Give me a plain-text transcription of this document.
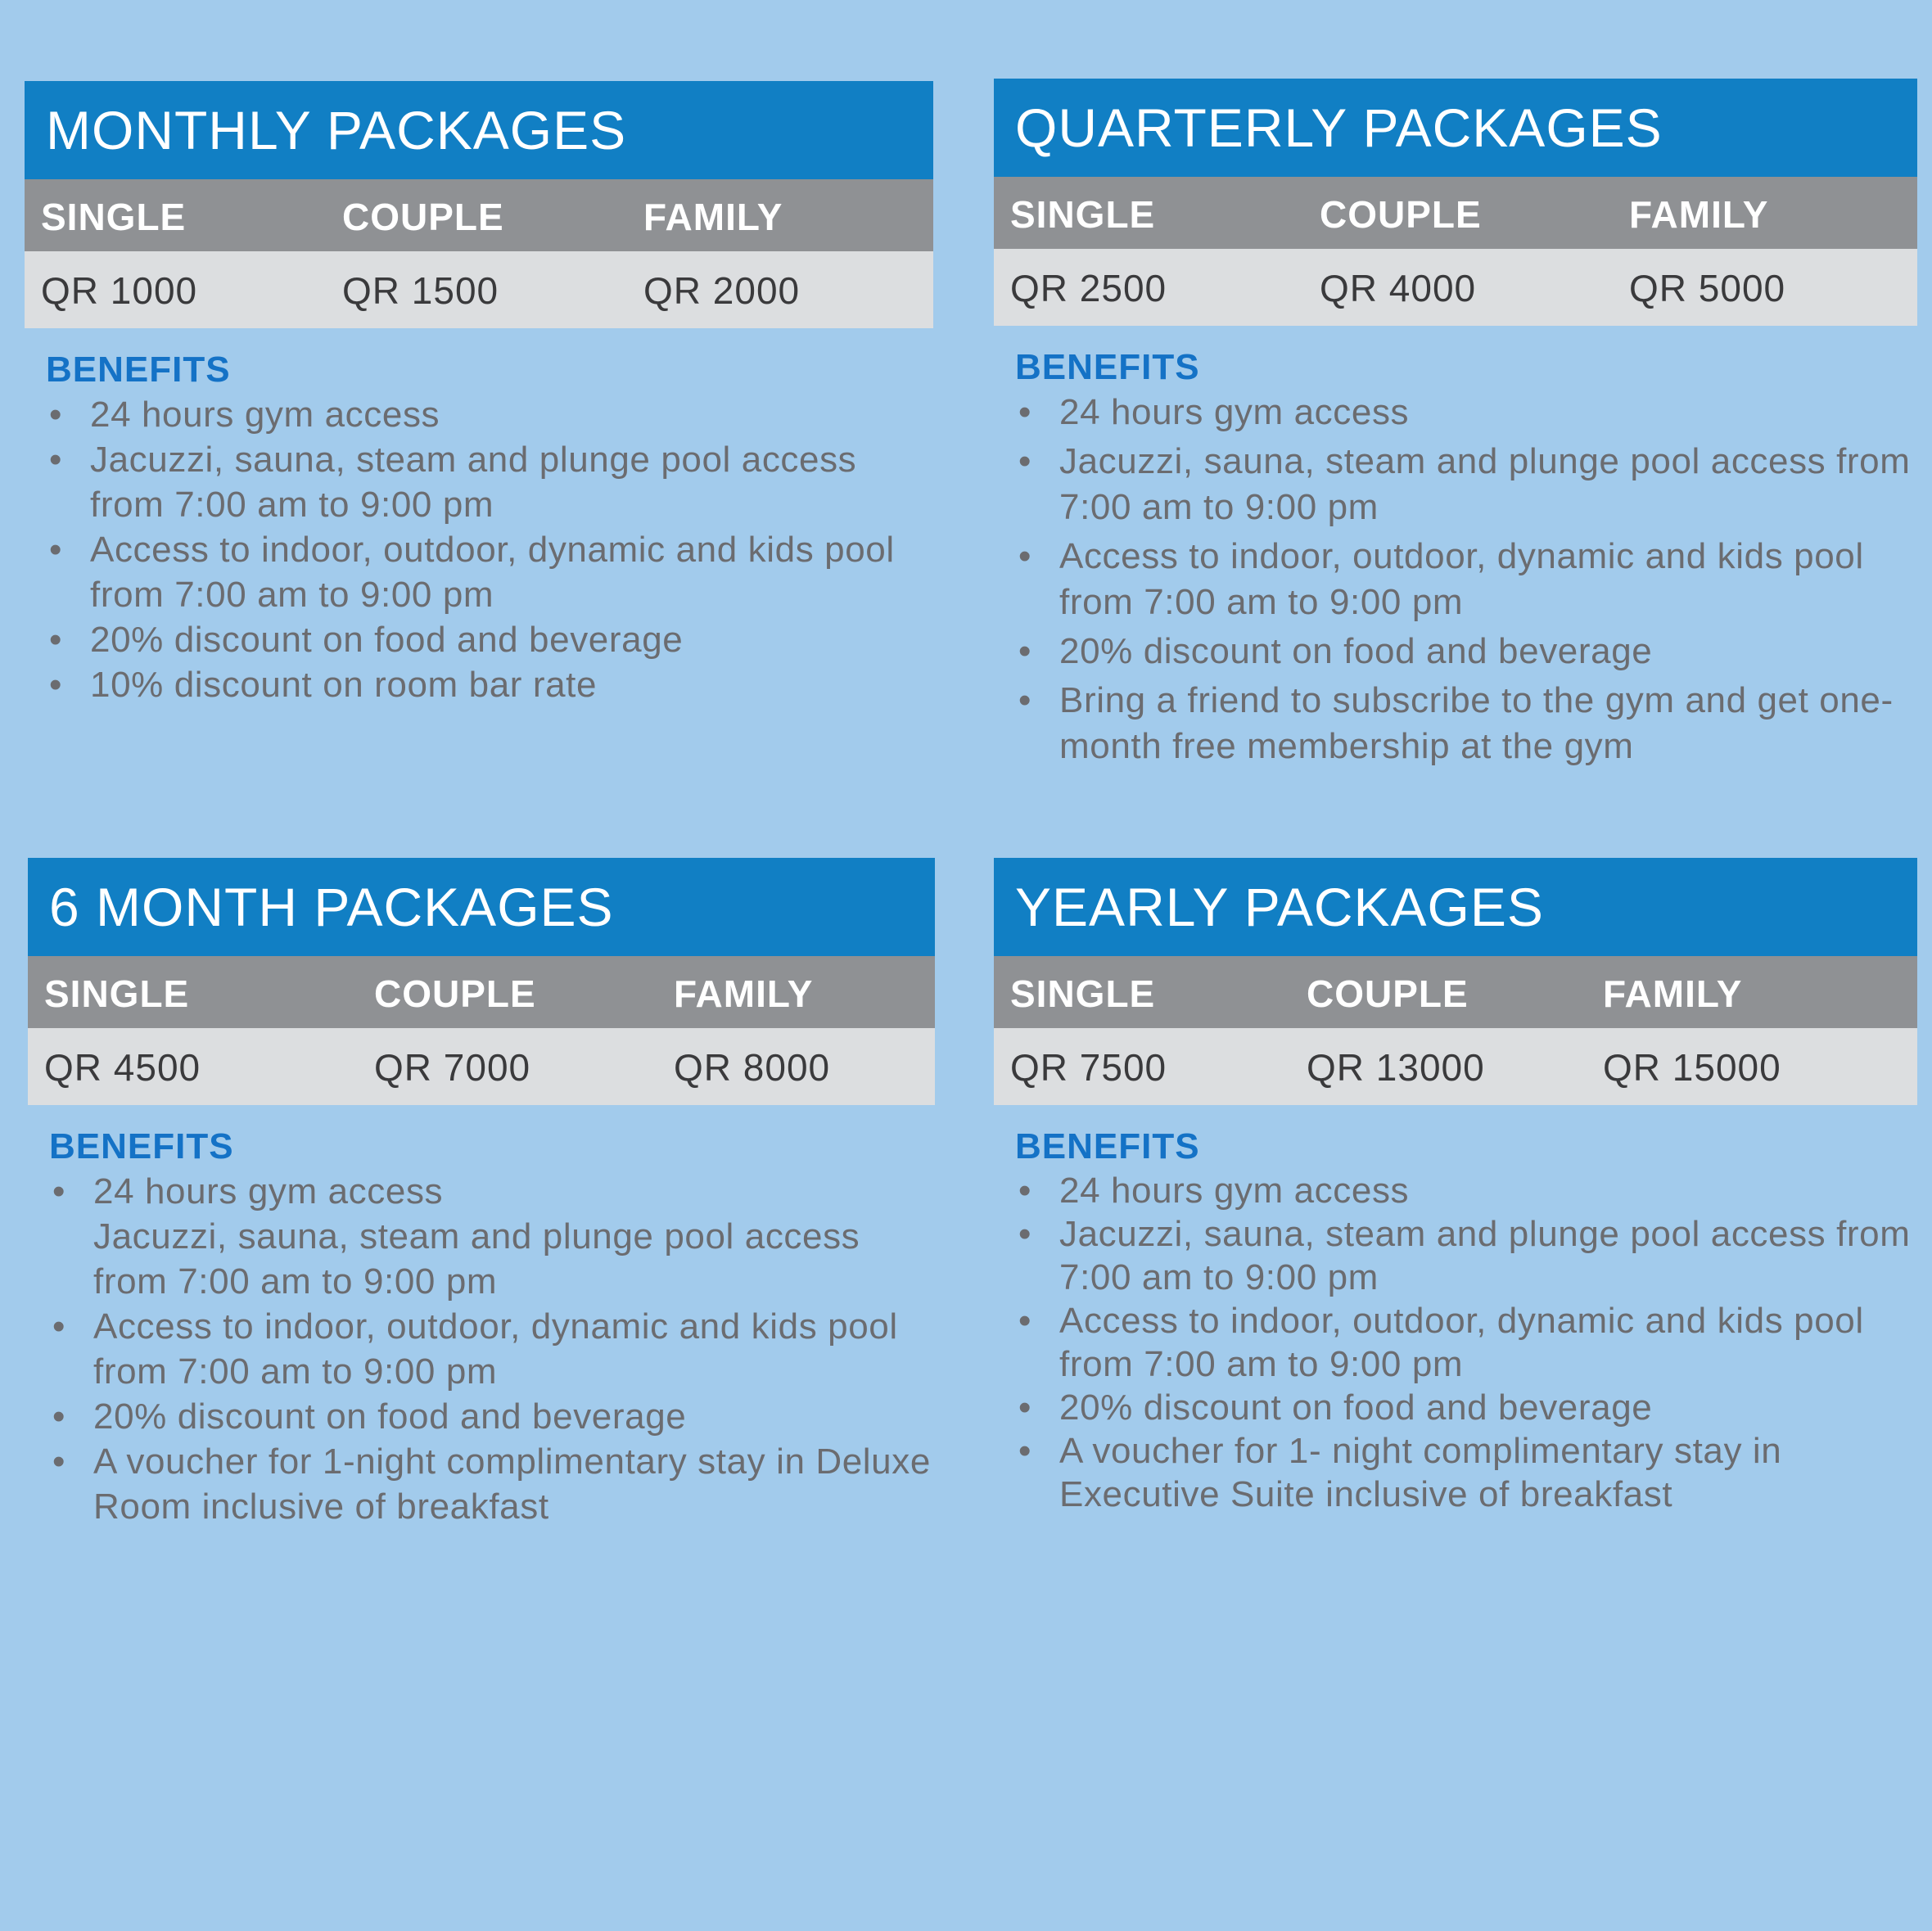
MONTHLY PACKAGES
SINGLE	COUPLE	FAMILY
QR 1000	QR 1500	QR 2000
BENEFITS
• 24 hours gym access
• Jacuzzi, sauna, steam and plunge pool access from 7:00 am to 9:00 pm
• Access to indoor, outdoor, dynamic and kids pool from 7:00 am to 9:00 pm
• 20% discount on food and beverage
• 10% discount on room bar rate
QUARTERLY PACKAGES
SINGLE	COUPLE	FAMILY
QR 2500	QR 4000	QR 5000
BENEFITS
• 24 hours gym access
• Jacuzzi, sauna, steam and plunge pool access from 7:00 am to 9:00 pm
• Access to indoor, outdoor, dynamic and kids pool from 7:00 am to 9:00 pm
• 20% discount on food and beverage
• Bring a friend to subscribe to the gym and get one-month free membership at the gym
6 MONTH PACKAGES
SINGLE	COUPLE	FAMILY
QR 4500	QR 7000	QR 8000
BENEFITS
• 24 hours gym access
Jacuzzi, sauna, steam and plunge pool access from 7:00 am to 9:00 pm
• Access to indoor, outdoor, dynamic and kids pool from 7:00 am to 9:00 pm
• 20% discount on food and beverage
• A voucher for 1-night complimentary stay in Deluxe Room inclusive of breakfast
YEARLY PACKAGES
SINGLE	COUPLE	FAMILY
QR 7500	QR 13000	QR 15000
BENEFITS
• 24 hours gym access
• Jacuzzi, sauna, steam and plunge pool access from 7:00 am to 9:00 pm
• Access to indoor, outdoor, dynamic and kids pool from 7:00 am to 9:00 pm
• 20% discount on food and beverage
• A voucher for 1- night complimentary stay in Executive Suite inclusive of breakfast
